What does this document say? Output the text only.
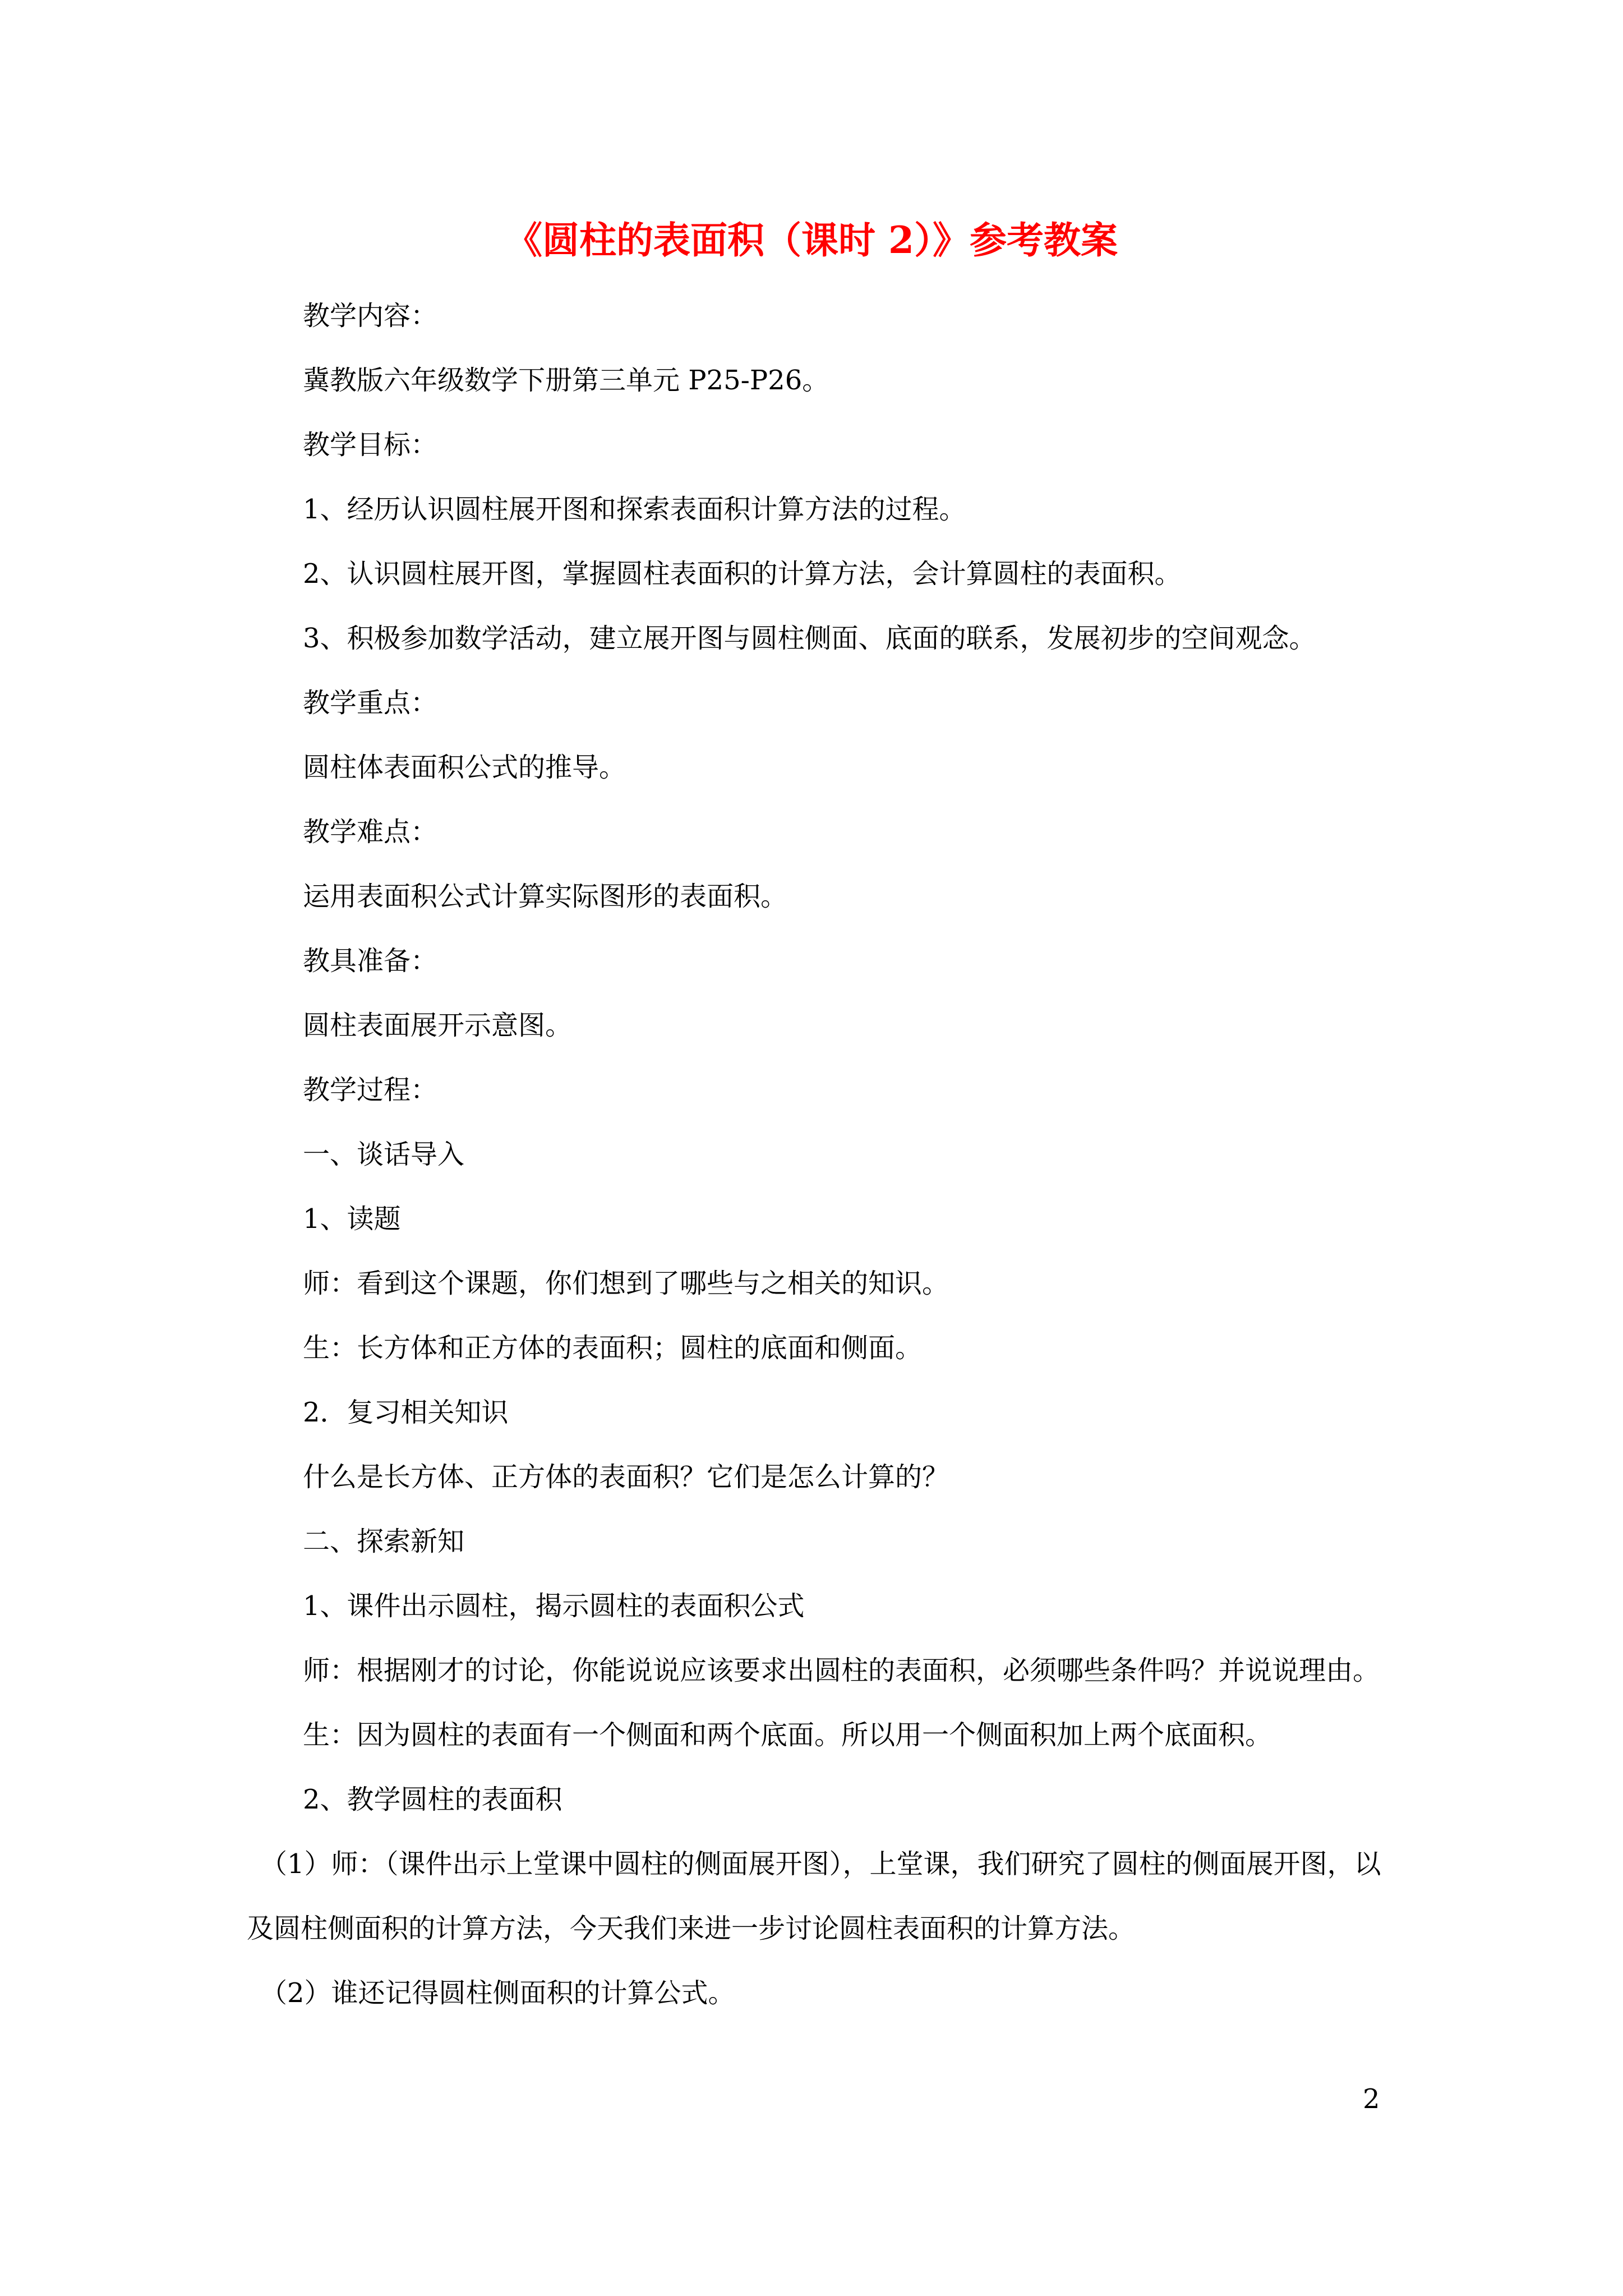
《圆柱的表面积（课时 2）》参考教案
教学内容：
冀教版六年级数学下册第三单元 P25-P26。
教学目标：
1、经历认识圆柱展开图和探索表面积计算方法的过程。
2、认识圆柱展开图，掌握圆柱表面积的计算方法，会计算圆柱的表面积。
3、积极参加数学活动，建立展开图与圆柱侧面、底面的联系，发展初步的空间观念。
教学重点：
圆柱体表面积公式的推导。
教学难点：
运用表面积公式计算实际图形的表面积。
教具准备：
圆柱表面展开示意图。
教学过程：
一、谈话导入
1、读题
师：看到这个课题，你们想到了哪些与之相关的知识。
生：长方体和正方体的表面积；圆柱的底面和侧面。
2．复习相关知识
什么是长方体、正方体的表面积？它们是怎么计算的？
二、探索新知
1、课件出示圆柱，揭示圆柱的表面积公式
师：根据刚才的讨论，你能说说应该要求出圆柱的表面积，必须哪些条件吗？并说说理由。
生：因为圆柱的表面有一个侧面和两个底面。所以用一个侧面积加上两个底面积。
2、教学圆柱的表面积
（1）师：（课件出示上堂课中圆柱的侧面展开图），上堂课，我们研究了圆柱的侧面展开图，以及圆柱侧面积的计算方法，今天我们来进一步讨论圆柱表面积的计算方法。
（2）谁还记得圆柱侧面积的计算公式。
2
